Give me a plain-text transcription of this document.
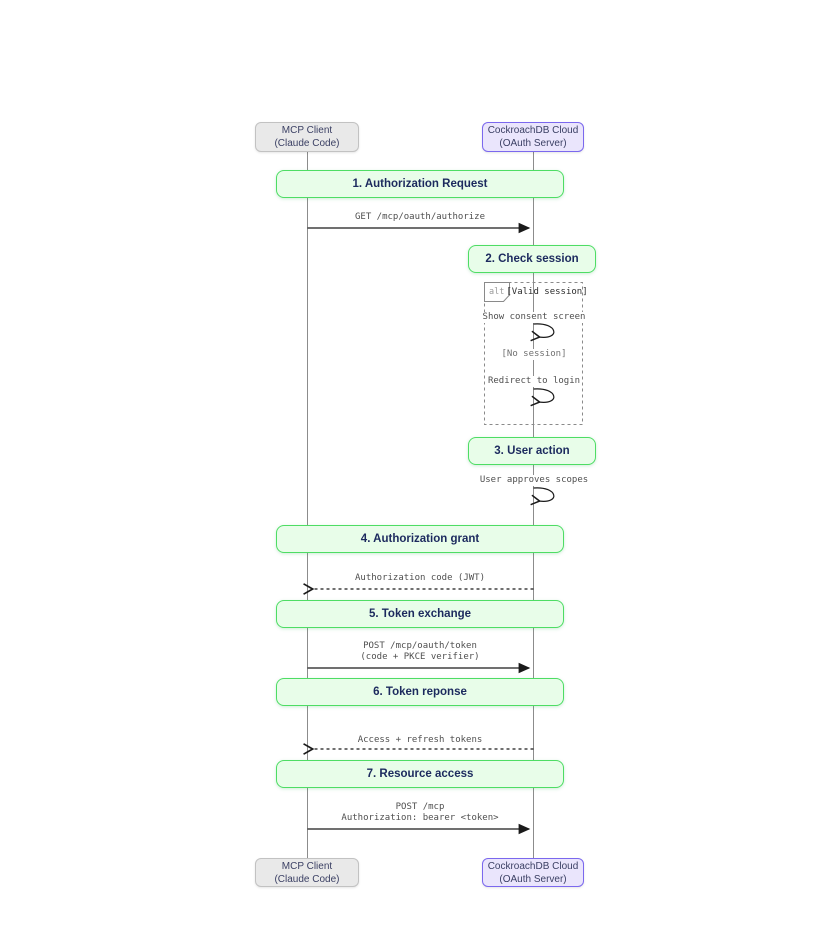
MCP Client
(Claude Code)
CockroachDB Cloud
(OAuth Server)
MCP Client
(Claude Code)
CockroachDB Cloud
(OAuth Server)
1. Authorization Request
2. Check session
3. User action
4. Authorization grant
5. Token exchange
6. Token reponse
7. Resource access
GET /mcp/oauth/authorize
alt [Valid session]
Show consent screen
[No session]
Redirect to login
User approves scopes
Authorization code (JWT)
POST /mcp/oauth/token
(code + PKCE verifier)
Access + refresh tokens
POST /mcp
Authorization: bearer <token>
